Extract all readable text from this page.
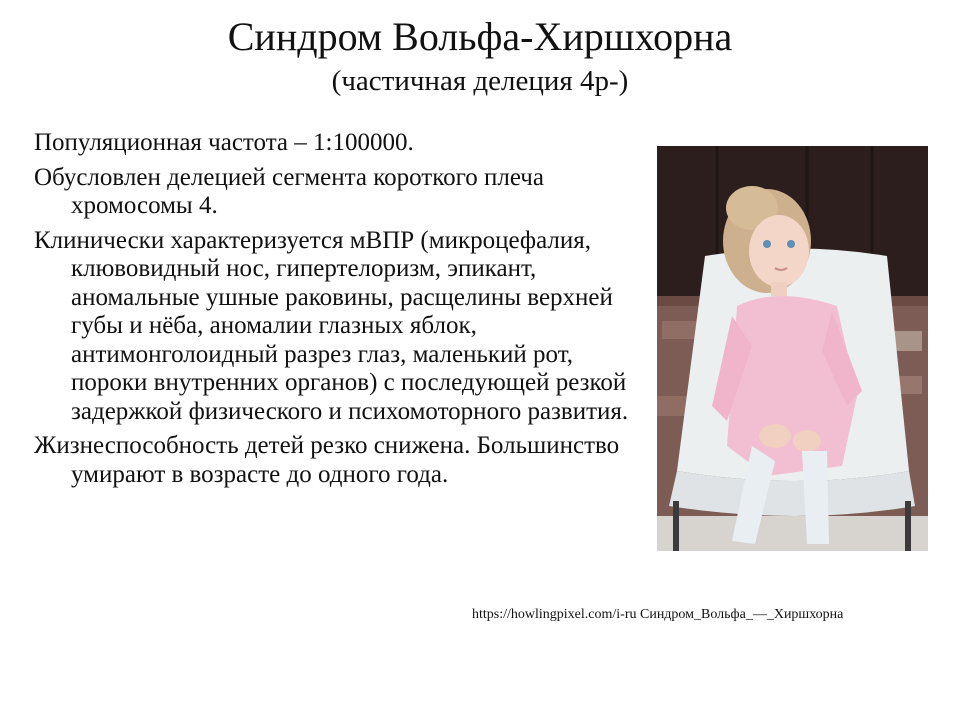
Синдром Вольфа-Хиршхорна
(частичная делеция 4р-)

Популяционная частота – 1:100000.

Обусловлен делецией сегмента короткого плеча хромосомы 4.

Клинически характеризуется мВПР (микроцефалия, клювовидный нос, гипертелоризм, эпикант, аномальные ушные раковины, расщелины верхней губы и нёба, аномалии глазных яблок, антимонголоидный разрез глаз, маленький рот, пороки внутренних органов) с последующей резкой задержкой физического и психомоторного развития.

Жизнеспособность детей резко снижена. Большинство умирают в возрасте до одного года.

https://howlingpixel.com/i-ru Синдром_Вольфа_—_Хиршхорна
